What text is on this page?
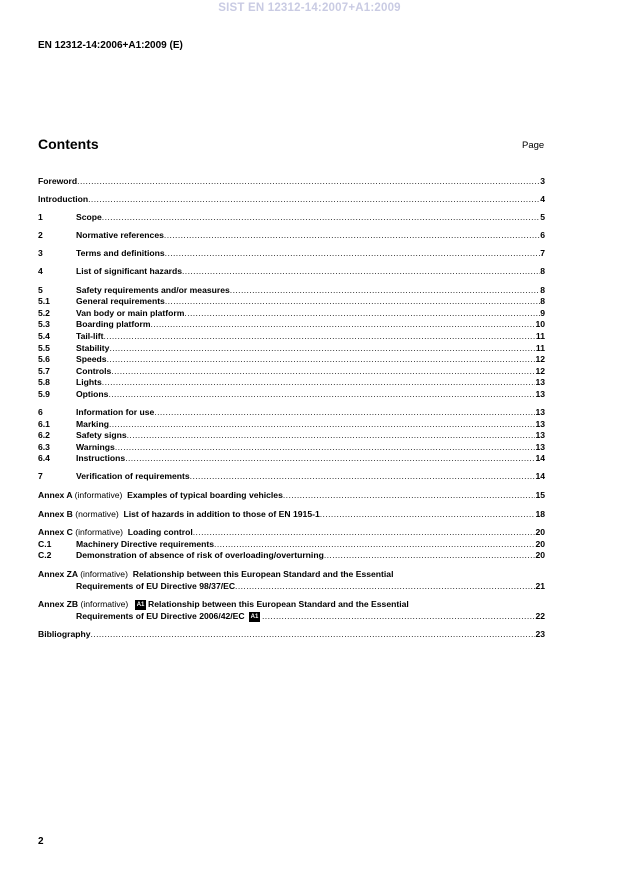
SIST EN 12312-14:2007+A1:2009
EN 12312-14:2006+A1:2009 (E)
Contents	Page
Foreword .....	3
Introduction .....	4
1	Scope .....	5
2	Normative references .....	6
3	Terms and definitions .....	7
4	List of significant hazards .....	8
5	Safety requirements and/or measures .....	8
5.1	General requirements .....	8
5.2	Van body or main platform .....	9
5.3	Boarding platform .....	10
5.4	Tail-lift .....	11
5.5	Stability .....	11
5.6	Speeds .....	12
5.7	Controls .....	12
5.8	Lights .....	13
5.9	Options .....	13
6	Information for use .....	13
6.1	Marking .....	13
6.2	Safety signs .....	13
6.3	Warnings .....	13
6.4	Instructions .....	14
7	Verification of requirements .....	14
Annex A (informative) Examples of typical boarding vehicles .....	15
Annex B (normative) List of hazards in addition to those of EN 1915-1 .....	18
Annex C (informative) Loading control .....	20
C.1	Machinery Directive requirements .....	20
C.2	Demonstration of absence of risk of overloading/overturning .....	20
Annex ZA (informative) Relationship between this European Standard and the Essential
Requirements of EU Directive 98/37/EC .....	21
Annex ZB (informative) A1 Relationship between this European Standard and the Essential
Requirements of EU Directive 2006/42/EC A1 .....	22
Bibliography .....	23
2
